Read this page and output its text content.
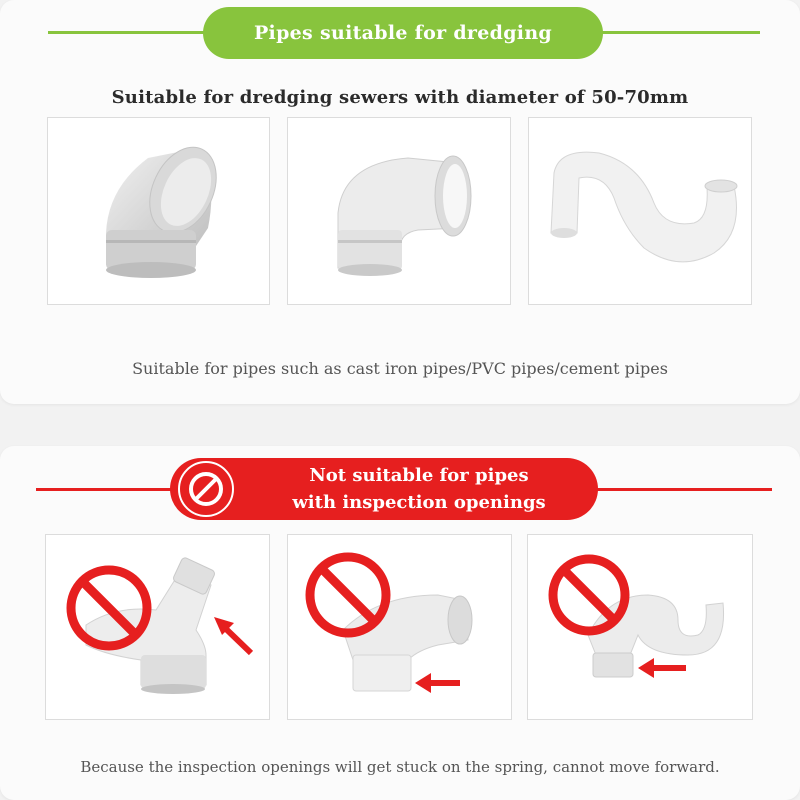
Pipes suitable for dredging
Suitable for dredging sewers with diameter of 50-70mm
Suitable for pipes such as cast iron pipes/PVC pipes/cement pipes
Not suitable for pipes
with inspection openings
Because the inspection openings will get stuck on the spring, cannot move forward.
